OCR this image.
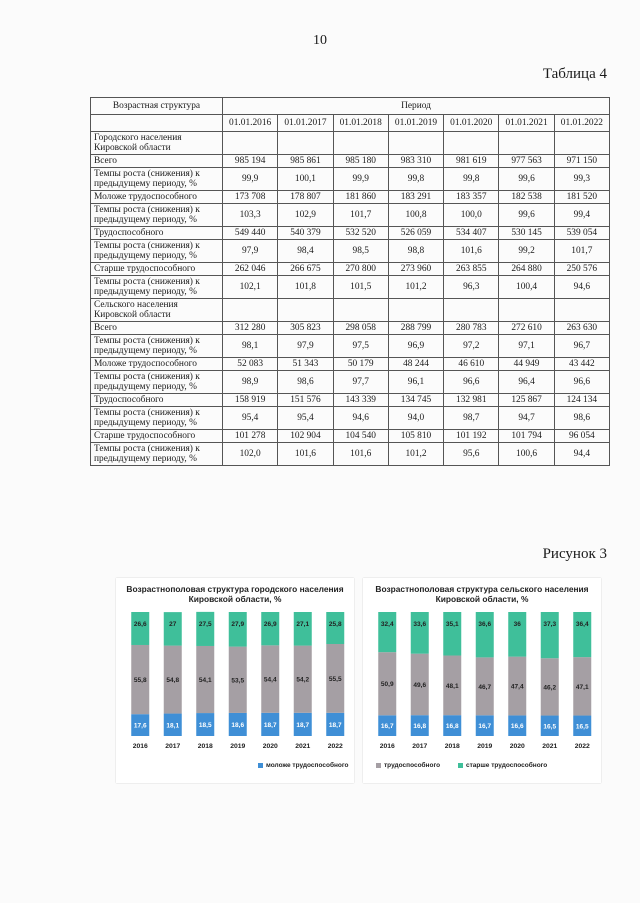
10
Таблица 4
Возрастная структура	Период						
	01.01.2016	01.01.2017	01.01.2018	01.01.2019	01.01.2020	01.01.2021	01.01.2022
Городского населения Кировской области							
Всего	985 194	985 861	985 180	983 310	981 619	977 563	971 150
Темпы роста (снижения) к предыдущему периоду, %	99,9	100,1	99,9	99,8	99,8	99,6	99,3
Моложе трудоспособного	173 708	178 807	181 860	183 291	183 357	182 538	181 520
Темпы роста (снижения) к предыдущему периоду, %	103,3	102,9	101,7	100,8	100,0	99,6	99,4
Трудоспособного	549 440	540 379	532 520	526 059	534 407	530 145	539 054
Темпы роста (снижения) к предыдущему периоду, %	97,9	98,4	98,5	98,8	101,6	99,2	101,7
Старше трудоспособного	262 046	266 675	270 800	273 960	263 855	264 880	250 576
Темпы роста (снижения) к предыдущему периоду, %	102,1	101,8	101,5	101,2	96,3	100,4	94,6
Сельского населения Кировской области							
Всего	312 280	305 823	298 058	288 799	280 783	272 610	263 630
Темпы роста (снижения) к предыдущему периоду, %	98,1	97,9	97,5	96,9	97,2	97,1	96,7
Моложе трудоспособного	52 083	51 343	50 179	48 244	46 610	44 949	43 442
Темпы роста (снижения) к предыдущему периоду, %	98,9	98,6	97,7	96,1	96,6	96,4	96,6
Трудоспособного	158 919	151 576	143 339	134 745	132 981	125 867	124 134
Темпы роста (снижения) к предыдущему периоду, %	95,4	95,4	94,6	94,0	98,7	94,7	98,6
Старше трудоспособного	101 278	102 904	104 540	105 810	101 192	101 794	96 054
Темпы роста (снижения) к предыдущему периоду, %	102,0	101,6	101,6	101,2	95,6	100,6	94,4
Рисунок 3
Возрастнополовая структура городского населения Кировской области, %
17,6
55,8
26,6
2016
18,1
54,8
27
2017
18,5
54,1
27,5
2018
18,6
53,5
27,9
2019
18,7
54,4
26,9
2020
18,7
54,2
27,1
2021
18,7
55,5
25,8
2022
Возрастнополовая структура сельского населения Кировской области, %
16,7
50,9
32,4
2016
16,8
49,6
33,6
2017
16,8
48,1
35,1
2018
16,7
46,7
36,6
2019
16,6
47,4
36
2020
16,5
46,2
37,3
2021
16,5
47,1
36,4
2022
моложе трудоспособного	трудоспособного	старше трудоспособного
